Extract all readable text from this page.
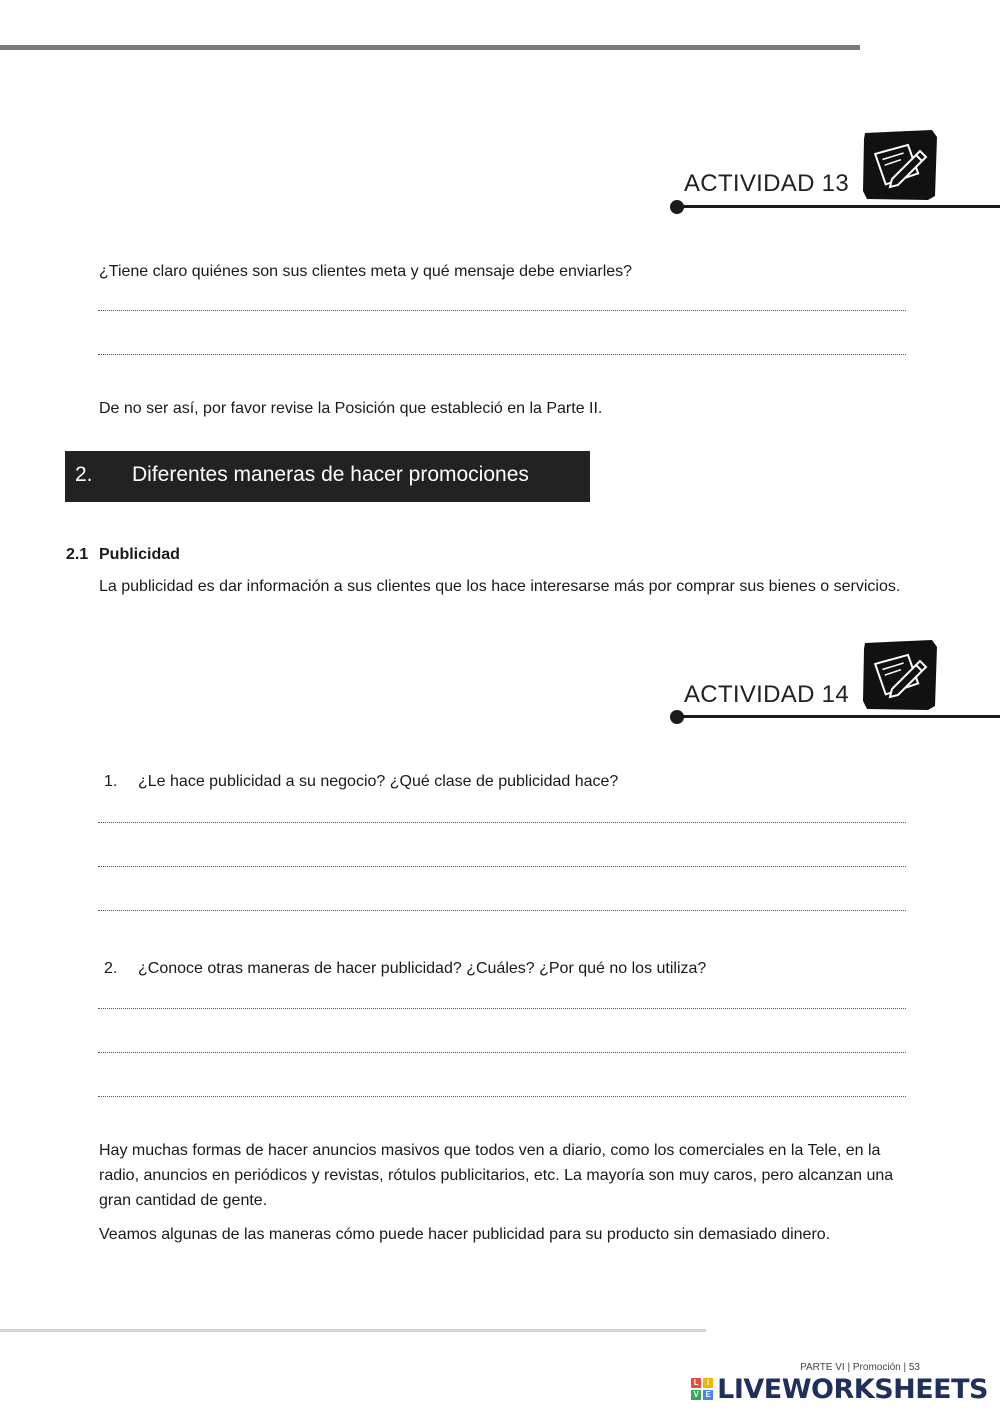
ACTIVIDAD 13
¿Tiene claro quiénes son sus clientes meta y qué mensaje debe enviarles?
De no ser así, por favor revise la Posición que estableció en la Parte II.
2. Diferentes maneras de hacer promociones
2.1 Publicidad
La publicidad es dar información a sus clientes que los hace interesarse más por comprar sus bienes o servicios.
ACTIVIDAD 14
1. ¿Le hace publicidad a su negocio? ¿Qué clase de publicidad hace?
2. ¿Conoce otras maneras de hacer publicidad? ¿Cuáles? ¿Por qué no los utiliza?
Hay muchas formas de hacer anuncios masivos que todos ven a diario, como los comerciales en la Tele, en la radio, anuncios en periódicos y revistas, rótulos publicitarios, etc. La mayoría son muy caros, pero alcanzan una gran cantidad de gente.
Veamos algunas de las maneras cómo puede hacer publicidad para su producto sin demasiado dinero.
PARTE VI | Promoción | 53
L	I
V E LIVEWORKSHEETS
